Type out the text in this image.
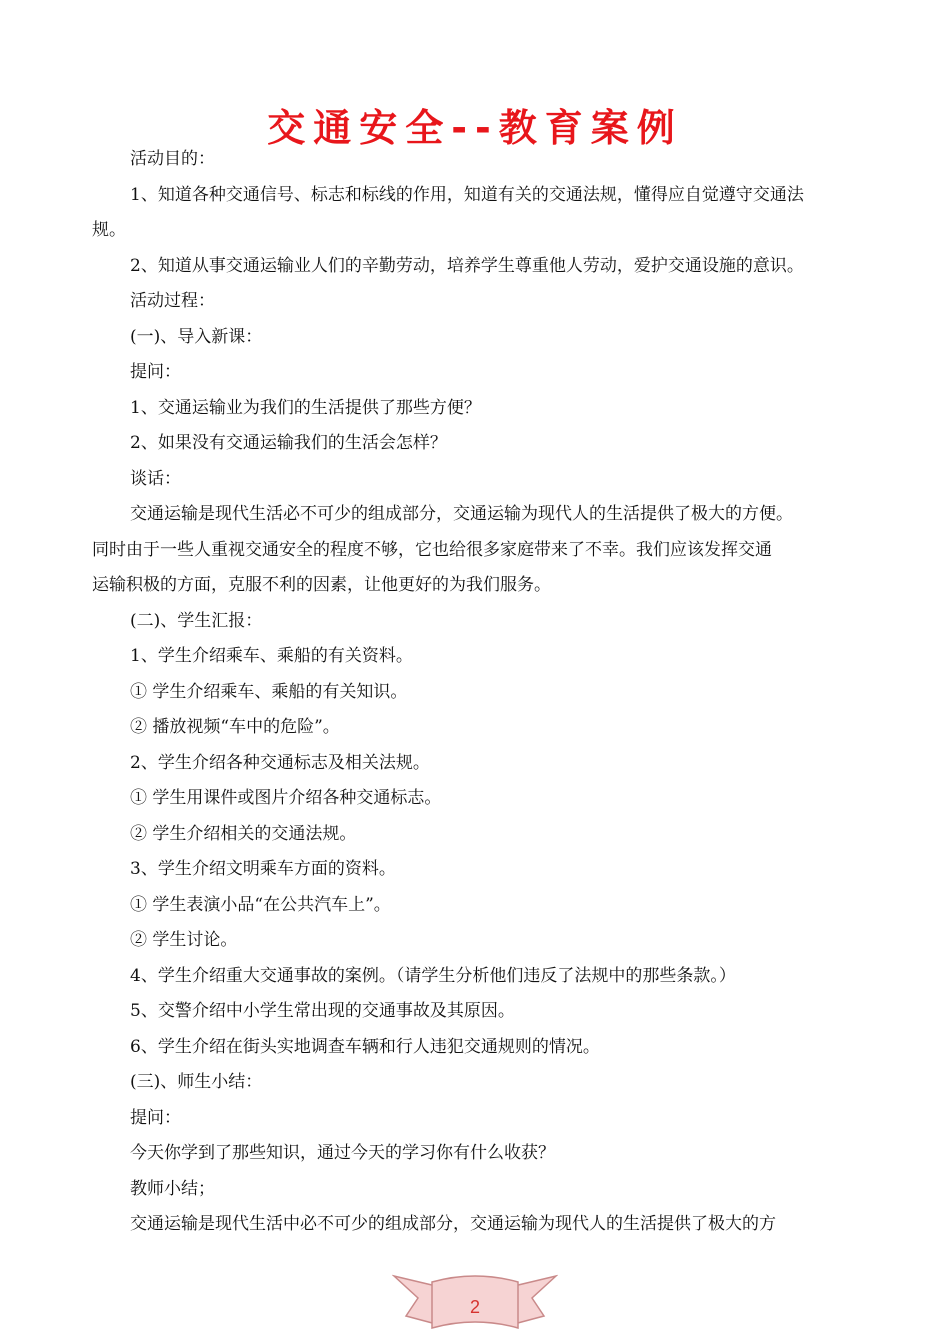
交通安全--教育案例
活动目的：
1、知道各种交通信号、标志和标线的作用，知道有关的交通法规，懂得应自觉遵守交通法
规。
2、知道从事交通运输业人们的辛勤劳动，培养学生尊重他人劳动，爱护交通设施的意识。
活动过程：
(一)、导入新课：
提问：
1、交通运输业为我们的生活提供了那些方便？
2、如果没有交通运输我们的生活会怎样？
谈话：
交通运输是现代生活必不可少的组成部分，交通运输为现代人的生活提供了极大的方便。
同时由于一些人重视交通安全的程度不够，它也给很多家庭带来了不幸。我们应该发挥交通
运输积极的方面，克服不利的因素，让他更好的为我们服务。
(二)、学生汇报：
1、学生介绍乘车、乘船的有关资料。
① 学生介绍乘车、乘船的有关知识。
② 播放视频“车中的危险”。
2、学生介绍各种交通标志及相关法规。
① 学生用课件或图片介绍各种交通标志。
② 学生介绍相关的交通法规。
3、学生介绍文明乘车方面的资料。
① 学生表演小品“在公共汽车上”。
② 学生讨论。
4、学生介绍重大交通事故的案例。（请学生分析他们违反了法规中的那些条款。）
5、交警介绍中小学生常出现的交通事故及其原因。
6、学生介绍在街头实地调查车辆和行人违犯交通规则的情况。
(三)、师生小结：
提问：
今天你学到了那些知识，通过今天的学习你有什么收获？
教师小结；
交通运输是现代生活中必不可少的组成部分，交通运输为现代人的生活提供了极大的方
2
